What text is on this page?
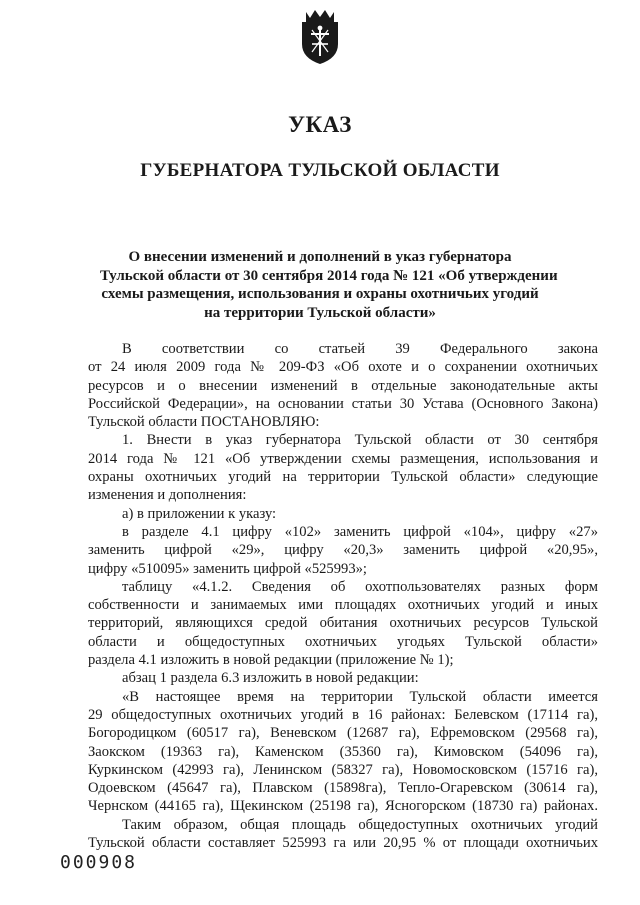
УКАЗ
ГУБЕРНАТОРА ТУЛЬСКОЙ ОБЛАСТИ
О внесении изменений и дополнений в указ губернатора
Тульской области от 30 сентября 2014 года № 121 «Об утверждении
схемы размещения, использования и охраны охотничьих угодий
на территории Тульской области»
В соответствии со статьей 39 Федерального закона
от 24 июля 2009 года № 209-ФЗ «Об охоте и о сохранении охотничьих
ресурсов и о внесении изменений в отдельные законодательные акты
Российской Федерации», на основании статьи 30 Устава (Основного Закона)
Тульской области ПОСТАНОВЛЯЮ:
1. Внести в указ губернатора Тульской области от 30 сентября
2014 года № 121 «Об утверждении схемы размещения, использования и
охраны охотничьих угодий на территории Тульской области» следующие
изменения и дополнения:
а) в приложении к указу:
в разделе 4.1 цифру «102» заменить цифрой «104», цифру «27»
заменить цифрой «29», цифру «20,3» заменить цифрой «20,95»,
цифру «510095» заменить цифрой «525993»;
таблицу «4.1.2. Сведения об охотпользователях разных форм
собственности и занимаемых ими площадях охотничьих угодий и иных
территорий, являющихся средой обитания охотничьих ресурсов Тульской
области и общедоступных охотничьих угодьях Тульской области»
раздела 4.1 изложить в новой редакции (приложение № 1);
абзац 1 раздела 6.3 изложить в новой редакции:
«В настоящее время на территории Тульской области имеется
29 общедоступных охотничьих угодий в 16 районах: Белевском (17114 га),
Богородицком (60517 га), Веневском (12687 га), Ефремовском (29568 га),
Заокском (19363 га), Каменском (35360 га), Кимовском (54096 га),
Куркинском (42993 га), Ленинском (58327 га), Новомосковском (15716 га),
Одоевском (45647 га), Плавском (15898га), Тепло-Огаревском (30614 га),
Чернском (44165 га), Щекинском (25198 га), Ясногорском (18730 га) районах.
Таким образом, общая площадь общедоступных охотничьих угодий
Тульской области составляет 525993 га или 20,95 % от площади охотничьих
000908
